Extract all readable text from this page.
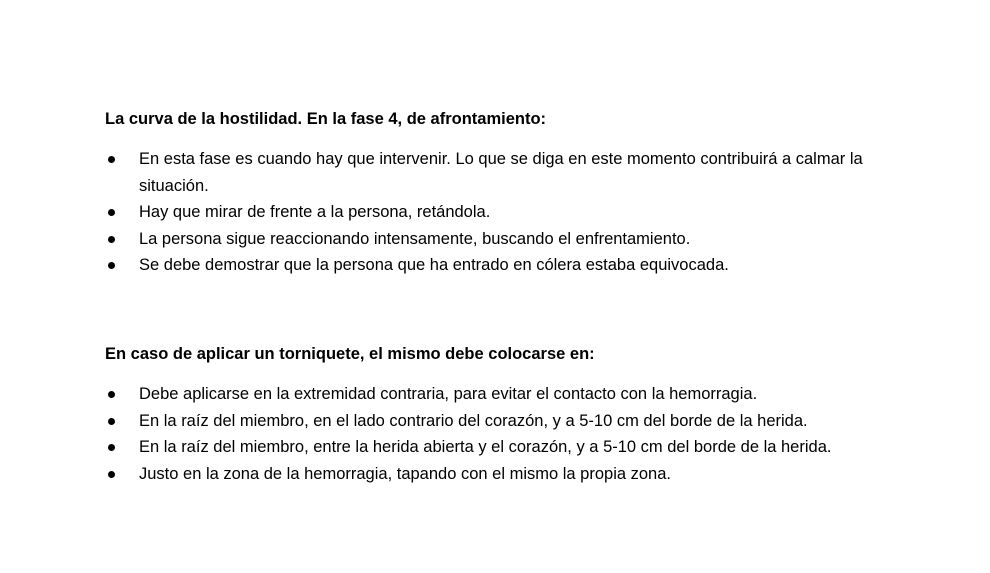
La curva de la hostilidad. En la fase 4, de afrontamiento:
En esta fase es cuando hay que intervenir. Lo que se diga en este momento contribuirá a calmar la situación.
Hay que mirar de frente a la persona, retándola.
La persona sigue reaccionando intensamente, buscando el enfrentamiento.
Se debe demostrar que la persona que ha entrado en cólera estaba equivocada.
En caso de aplicar un torniquete, el mismo debe colocarse en:
Debe aplicarse en la extremidad contraria, para evitar el contacto con la hemorragia.
En la raíz del miembro, en el lado contrario del corazón, y a 5-10 cm del borde de la herida.
En la raíz del miembro, entre la herida abierta y el corazón, y a 5-10 cm del borde de la herida.
Justo en la zona de la hemorragia, tapando con el mismo la propia zona.
